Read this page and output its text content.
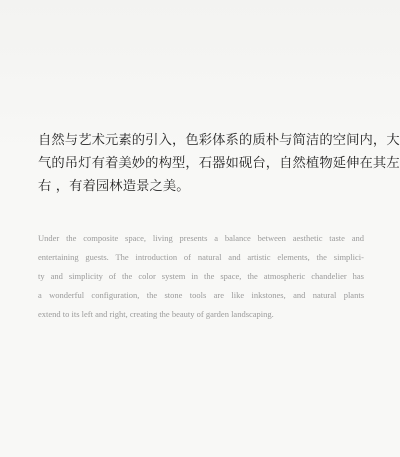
自然与艺术元素的引入，色彩体系的质朴与简洁的空间内，大
气的吊灯有着美妙的构型，石器如砚台，自然植物延伸在其左
右 ，有着园林造景之美。

Under the composite space, living presents a balance between aesthetic taste and
entertaining guests. The introduction of natural and artistic elements, the simplici-
ty and simplicity of the color system in the space, the atmospheric chandelier has
a wonderful configuration, the stone tools are like inkstones, and natural plants
extend to its left and right, creating the beauty of garden landscaping.
